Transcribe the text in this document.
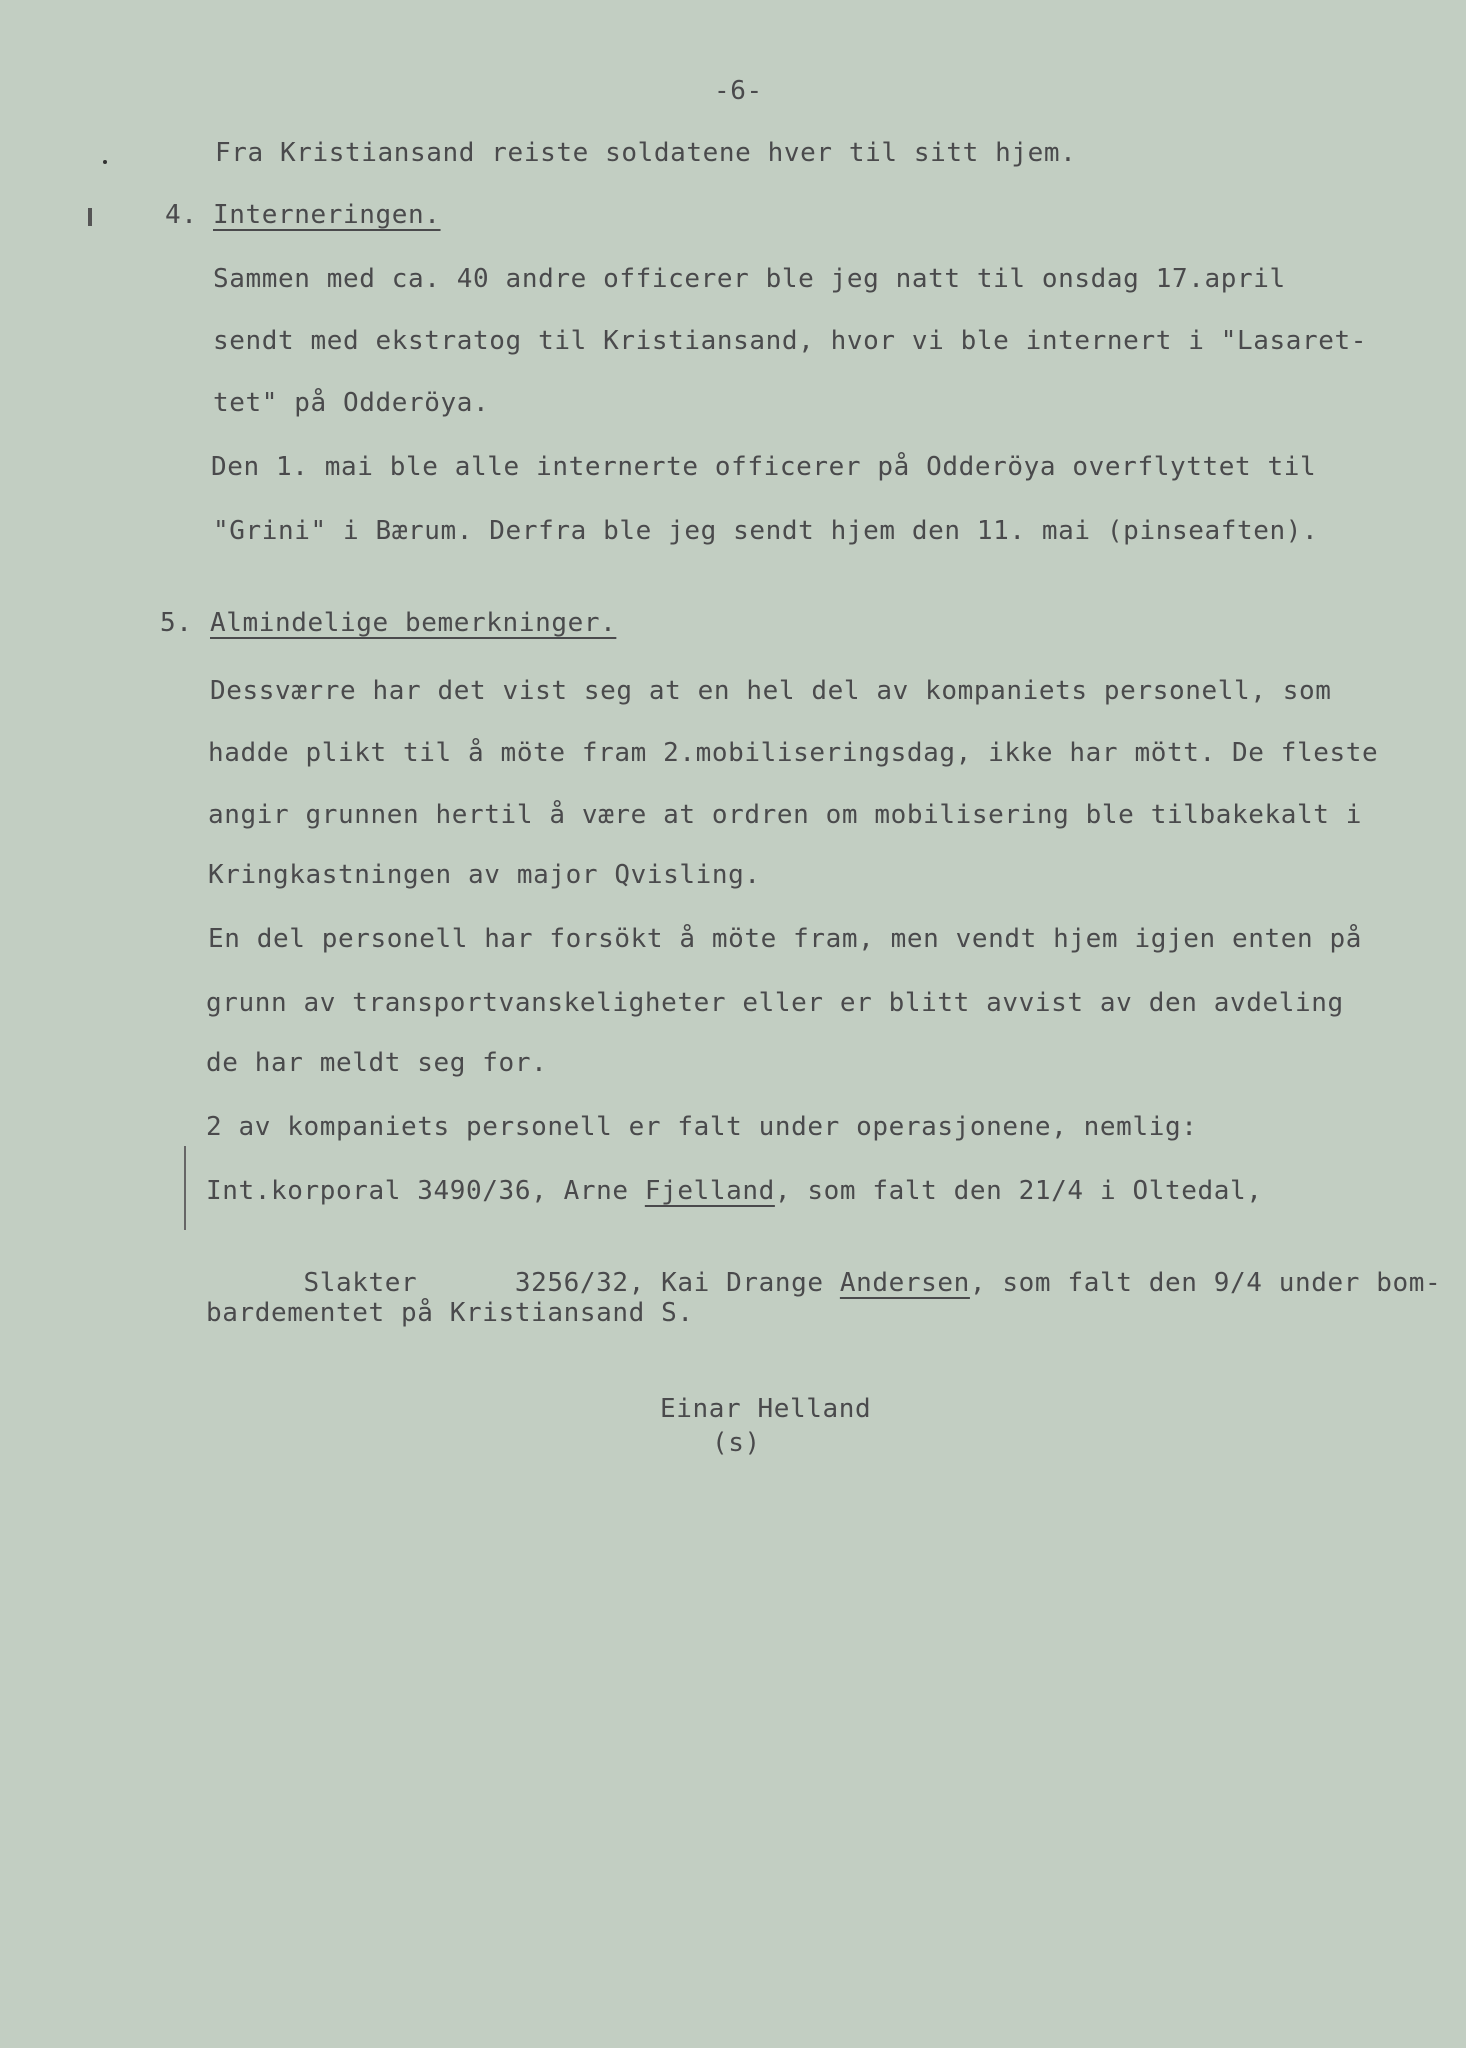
-6-
Fra Kristiansand reiste soldatene hver til sitt hjem.
4. Interneringen.
Sammen med ca. 40 andre officerer ble jeg natt til onsdag 17.april
sendt med ekstratog til Kristiansand, hvor vi ble internert i "Lasaret-
tet" på Odderöya.
Den 1. mai ble alle internerte officerer på Odderöya overflyttet til
"Grini" i Bærum. Derfra ble jeg sendt hjem den 11. mai (pinseaften).
5. Almindelige bemerkninger.
Dessværre har det vist seg at en hel del av kompaniets personell, som
hadde plikt til å möte fram 2.mobiliseringsdag, ikke har mött. De fleste
angir grunnen hertil å være at ordren om mobilisering ble tilbakekalt i
Kringkastningen av major Qvisling.
En del personell har forsökt å möte fram, men vendt hjem igjen enten på
grunn av transportvanskeligheter eller er blitt avvist av den avdeling
de har meldt seg for.
2 av kompaniets personell er falt under operasjonene, nemlig:
Int.korporal 3490/36, Arne Fjelland, som falt den 21/4 i Oltedal,

Slakter      3256/32, Kai Drange Andersen, som falt den 9/4 under bom-

bardementet på Kristiansand S.
Einar Helland
(s)
